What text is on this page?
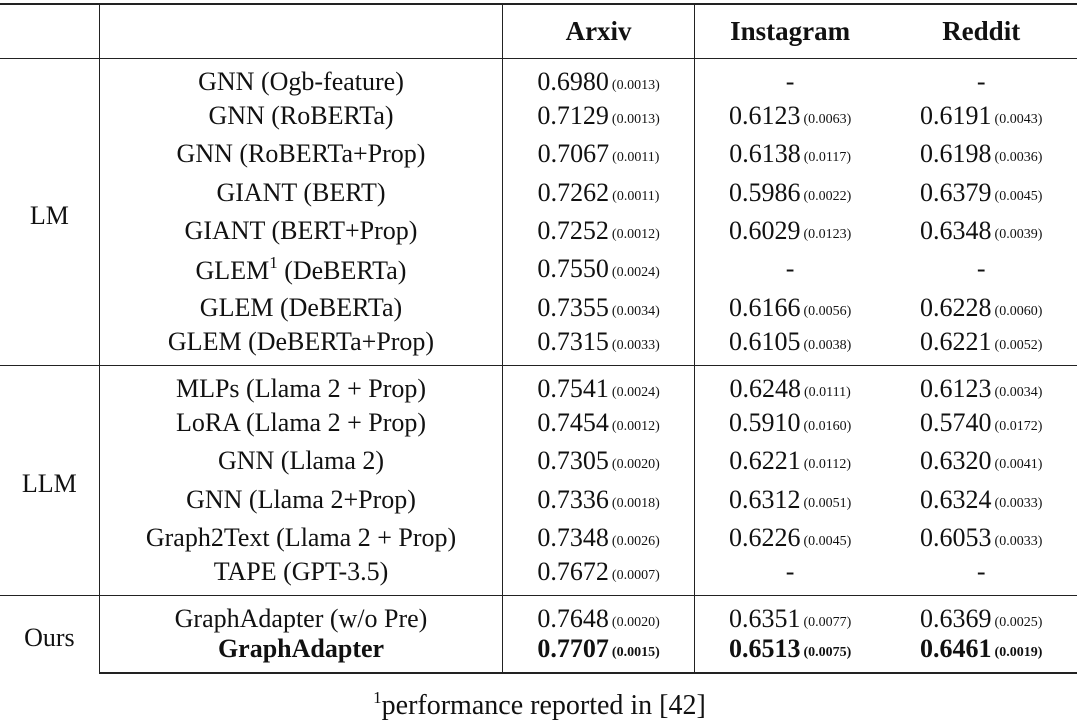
		Arxiv	Instagram	Reddit
LM	GNN (Ogb-feature)	0.6980 (0.0013)	-	-
	GNN (RoBERTa)	0.7129 (0.0013)	0.6123 (0.0063)	0.6191 (0.0043)
	GNN (RoBERTa+Prop)	0.7067 (0.0011)	0.6138 (0.0117)	0.6198 (0.0036)
	GIANT (BERT)	0.7262 (0.0011)	0.5986 (0.0022)	0.6379 (0.0045)
	GIANT (BERT+Prop)	0.7252 (0.0012)	0.6029 (0.0123)	0.6348 (0.0039)
	GLEM$^1$ (DeBERTa)	0.7550 (0.0024)	-	-
	GLEM (DeBERTa)	0.7355 (0.0034)	0.6166 (0.0056)	0.6228 (0.0060)
	GLEM (DeBERTa+Prop)	0.7315 (0.0033)	0.6105 (0.0038)	0.6221 (0.0052)
LLM	MLPs (Llama 2 + Prop)	0.7541 (0.0024)	0.6248 (0.0111)	0.6123 (0.0034)
	LoRA (Llama 2 + Prop)	0.7454 (0.0012)	0.5910 (0.0160)	0.5740 (0.0172)
	GNN (Llama 2)	0.7305 (0.0020)	0.6221 (0.0112)	0.6320 (0.0041)
	GNN (Llama 2+Prop)	0.7336 (0.0018)	0.6312 (0.0051)	0.6324 (0.0033)
	Graph2Text (Llama 2 + Prop)	0.7348 (0.0026)	0.6226 (0.0045)	0.6053 (0.0033)
	TAPE (GPT-3.5)	0.7672 (0.0007)	-	-
Ours	GraphAdapter (w/o Pre)	0.7648 (0.0020)	0.6351 (0.0077)	0.6369 (0.0025)
	GraphAdapter	0.7707 (0.0015)	0.6513 (0.0075)	0.6461 (0.0019)
$^1$performance reported in [42]
